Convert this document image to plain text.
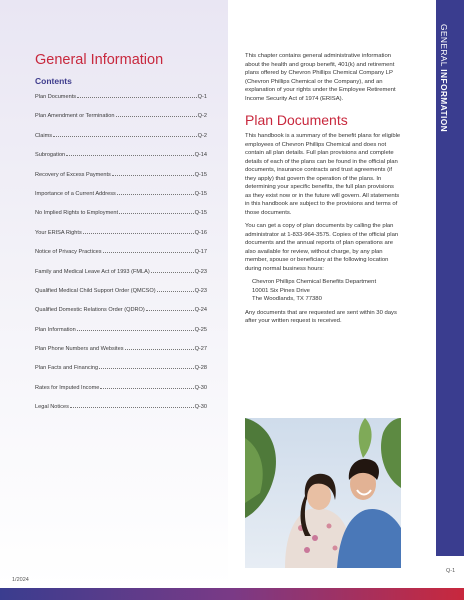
General Information
Contents
Plan Documents	Q-1
Plan Amendment or Termination	Q-2
Claims	Q-2
Subrogation	Q-14
Recovery of Excess Payments	Q-15
Importance of a Current Address	Q-15
No Implied Rights to Employment	Q-15
Your ERISA Rights	Q-16
Notice of Privacy Practices	Q-17
Family and Medical Leave Act of 1993 (FMLA)	Q-23
Qualified Medical Child Support Order (QMCSO)	Q-23
Qualified Domestic Relations Order (QDRO)	Q-24
Plan Information	Q-25
Plan Phone Numbers and Websites	Q-27
Plan Facts and Financing	Q-28
Rates for Imputed Income	Q-30
Legal Notices	Q-30
1/2024

This chapter contains general administrative information about the health and group benefit, 401(k) and retirement plans offered by Chevron Phillips Chemical Company LP (Chevron Phillips Chemical or the Company), and an explanation of your rights under the Employee Retirement Income Security Act of 1974 (ERISA).

Plan Documents

This handbook is a summary of the benefit plans for eligible employees of Chevron Phillips Chemical and does not contain all plan details. Full plan provisions and complete details of each of the plans can be found in the official plan documents, insurance contracts and trust agreements (if they apply) that govern the operation of the plans. In determining your specific benefits, the full plan provisions as they exist now or in the future will govern. All statements in this handbook are subject to the provisions and terms of those documents.

You can get a copy of plan documents by calling the plan administrator at 1-833-964-3575. Copies of the official plan documents and the annual reports of plan operations are also available for review, without charge, by any plan member, spouse or beneficiary at the following location during normal business hours:

Chevron Phillips Chemical Benefits Department
10001 Six Pines Drive
The Woodlands, TX 77380

Any documents that are requested are sent within 30 days after your written request is received.

GENERAL INFORMATION
Q-1
